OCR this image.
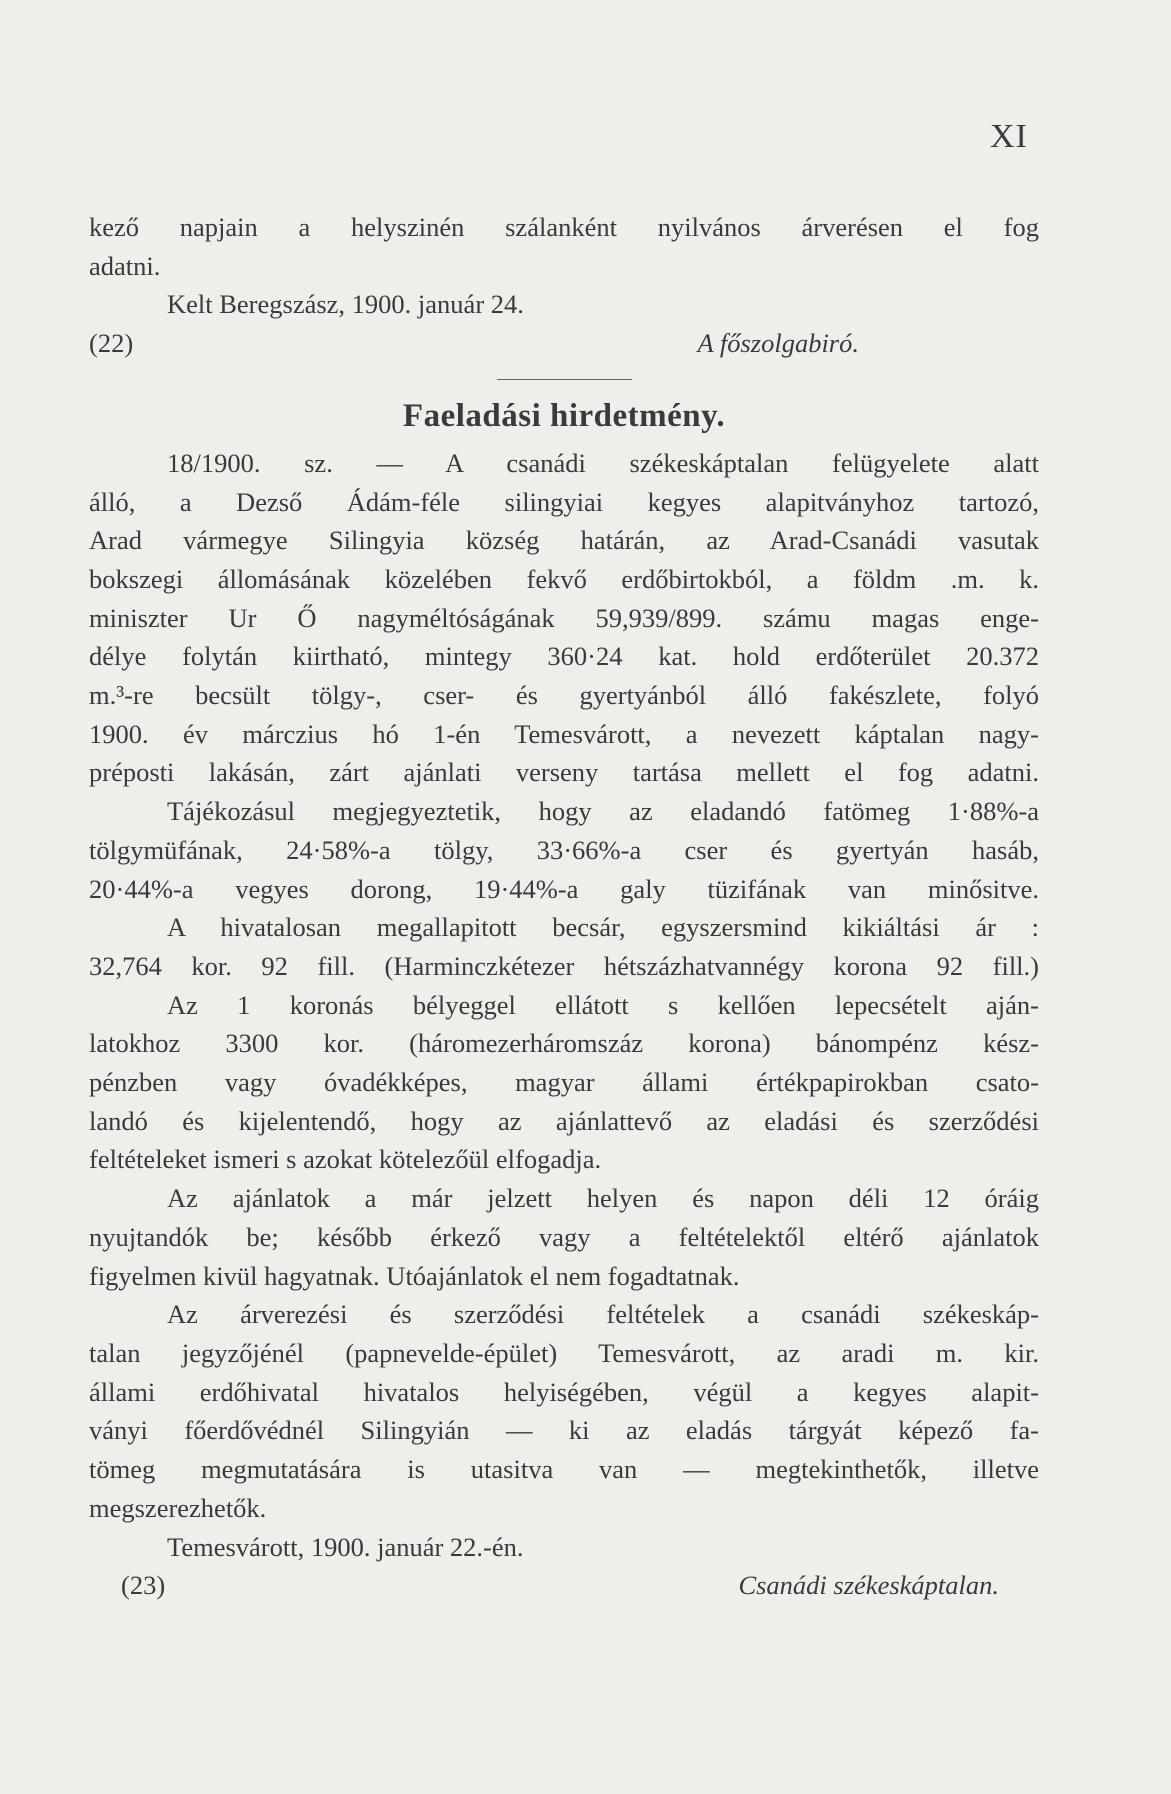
XI
kező napjain a helyszinén szálanként nyilvános árverésen el fog
adatni.
Kelt Beregszász, 1900. január 24.
(22)	A főszolgabiró.
Faeladási hirdetmény.
18/1900. sz. — A csanádi székeskáptalan felügyelete alatt
álló, a Dezső Ádám-féle silingyiai kegyes alapitványhoz tartozó,
Arad vármegye Silingyia község határán, az Arad-Csanádi vasutak
bokszegi állomásának közelében fekvő erdőbirtokból, a földm .m. k.
miniszter Ur Ő nagyméltóságának 59,939/899. számu magas enge-
délye folytán kiirtható, mintegy 360·24 kat. hold erdőterület 20.372
m.³-re becsült tölgy-, cser- és gyertyánból álló fakészlete, folyó
1900. év márczius hó 1-én Temesvárott, a nevezett káptalan nagy-
préposti lakásán, zárt ajánlati verseny tartása mellett el fog adatni.
Tájékozásul megjegyeztetik, hogy az eladandó fatömeg 1·88%-a
tölgymüfának, 24·58%-a tölgy, 33·66%-a cser és gyertyán hasáb,
20·44%-a vegyes dorong, 19·44%-a galy tüzifának van minősitve.
A hivatalosan megallapitott becsár, egyszersmind kikiáltási ár :
32,764 kor. 92 fill. (Harminczkétezer hétszázhatvannégy korona 92 fill.)
Az 1 koronás bélyeggel ellátott s kellően lepecsételt aján-
latokhoz 3300 kor. (háromezerháromszáz korona) bánompénz kész-
pénzben vagy óvadékképes, magyar állami értékpapirokban csato-
landó és kijelentendő, hogy az ajánlattevő az eladási és szerződési
feltételeket ismeri s azokat kötelezőül elfogadja.
Az ajánlatok a már jelzett helyen és napon déli 12 óráig
nyujtandók be; később érkező vagy a feltételektől eltérő ajánlatok
figyelmen kivül hagyatnak. Utóajánlatok el nem fogadtatnak.
Az árverezési és szerződési feltételek a csanádi székeskáp-
talan jegyzőjénél (papnevelde-épület) Temesvárott, az aradi m. kir.
állami erdőhivatal hivatalos helyiségében, végül a kegyes alapit-
ványi főerdővédnél Silingyián — ki az eladás tárgyát képező fa-
tömeg megmutatására is utasitva van — megtekinthetők, illetve
megszerezhetők.
Temesvárott, 1900. január 22.-én.
(23)	Csanádi székeskáptalan.
